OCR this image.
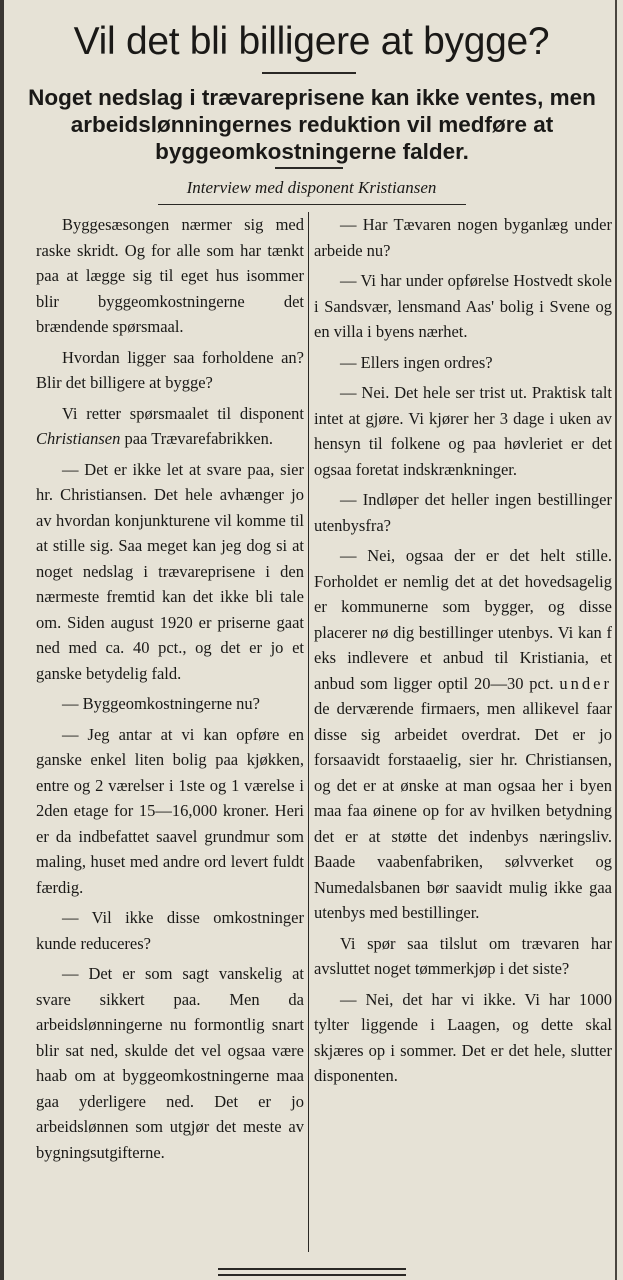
Vil det bli billigere at bygge?
Noget nedslag i trævareprisene kan ikke ventes, men arbeidslønningernes reduktion vil medføre at byggeomkostningerne falder.
Interview med disponent Kristiansen

Byggesæsongen nærmer sig med raske skridt. Og for alle som har tænkt paa at lægge sig til eget hus isommer blir byggeomkostningerne det brændende spørsmaal.

Hvordan ligger saa forholdene an? Blir det billigere at bygge?

Vi retter spørsmaalet til disponent Christiansen paa Trævarefabrikken.

— Det er ikke let at svare paa, sier hr. Christiansen. Det hele avhænger jo av hvordan konjunkturene vil komme til at stille sig. Saa meget kan jeg dog si at noget nedslag i trævareprisene i den nærmeste fremtid kan det ikke bli tale om. Siden august 1920 er priserne gaat ned med ca. 40 pct., og det er jo et ganske betydelig fald.

— Byggeomkostningerne nu?

— Jeg antar at vi kan opføre en ganske enkel liten bolig paa kjøkken, entre og 2 værelser i 1ste og 1 værelse i 2den etage for 15—16,000 kroner. Heri er da indbefattet saavel grundmur som maling, huset med andre ord levert fuldt færdig.

— Vil ikke disse omkostninger kunde reduceres?

— Det er som sagt vanskelig at svare sikkert paa. Men da arbeidslønningerne nu formontlig snart blir sat ned, skulde det vel ogsaa være haab om at byggeomkostningerne maa gaa yderligere ned. Det er jo arbeidslønnen som utgjør det meste av bygningsutgifterne.

— Har Tævaren nogen byganlæg under arbeide nu?

— Vi har under opførelse Hostvedt skole i Sandsvær, lensmand Aas' bolig i Svene og en villa i byens nærhet.

— Ellers ingen ordres?

— Nei. Det hele ser trist ut. Praktisk talt intet at gjøre. Vi kjører her 3 dage i uken av hensyn til folkene og paa høvleriet er det ogsaa foretat indskrænkninger.

— Indløper det heller ingen bestillinger utenbysfra?

— Nei, ogsaa der er det helt stille. Forholdet er nemlig det at det hovedsagelig er kommunerne som bygger, og disse placerer nø dig bestillinger utenbys. Vi kan f eks indlevere et anbud til Kristiania, et anbud som ligger optil 20—30 pct. under de derværende firmaers, men allikevel faar disse sig arbeidet overdrat. Det er jo forsaavidt forstaaelig, sier hr. Christiansen, og det er at ønske at man ogsaa her i byen maa faa øinene op for av hvilken betydning det er at støtte det indenbys næringsliv. Baade vaabenfabriken, sølvverket og Numedalsbanen bør saavidt mulig ikke gaa utenbys med bestillinger.

Vi spør saa tilslut om trævaren har avsluttet noget tømmerkjøp i det siste?

— Nei, det har vi ikke. Vi har 1000 tylter liggende i Laagen, og dette skal skjæres op i sommer. Det er det hele, slutter disponenten.
